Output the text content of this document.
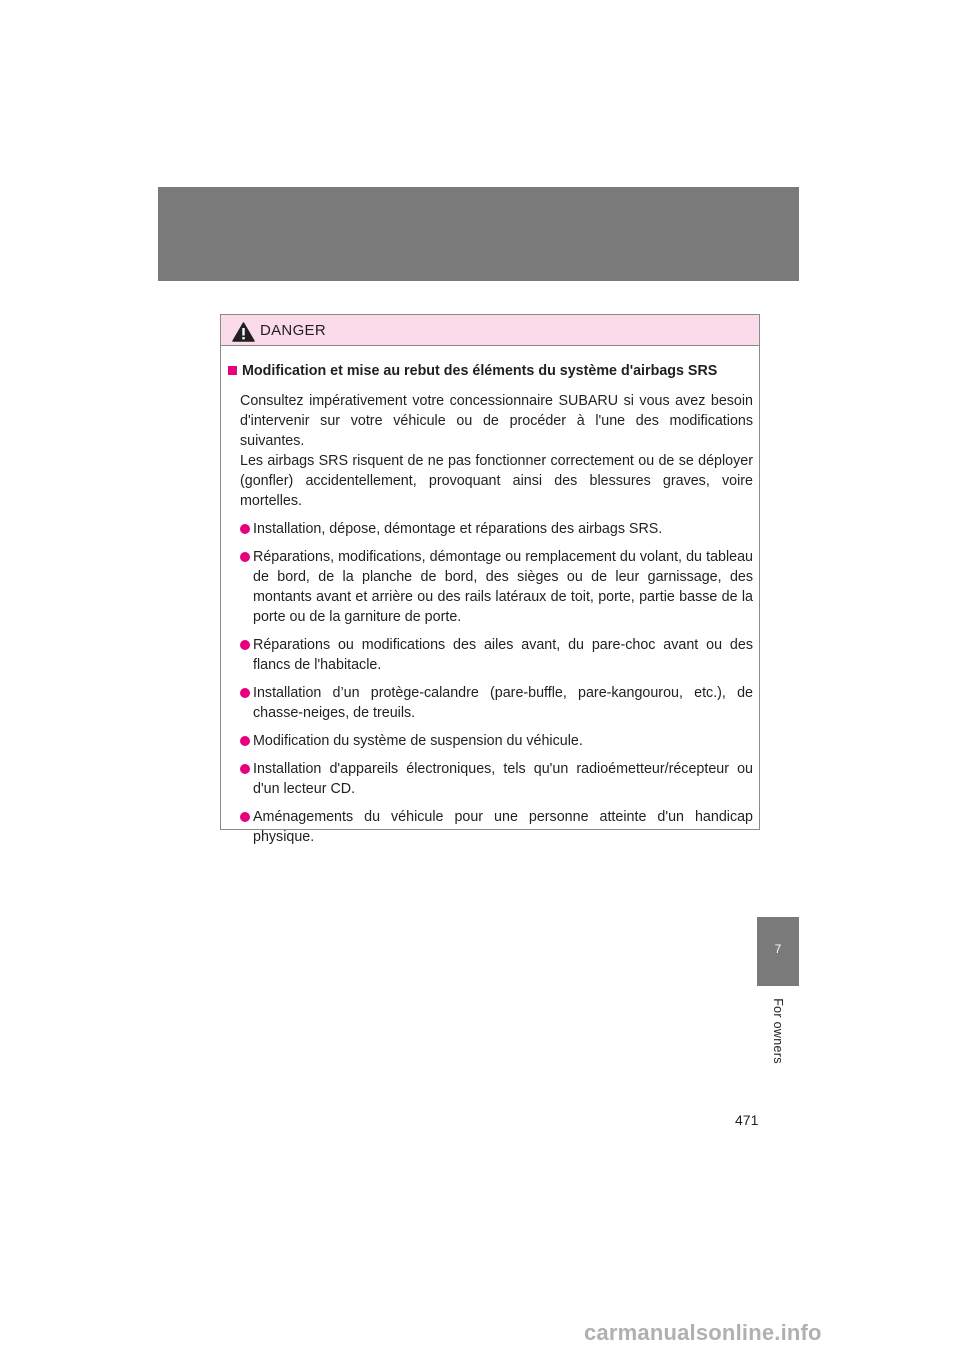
DANGER
Modification et mise au rebut des éléments du système d'airbags SRS

Consultez impérativement votre concessionnaire SUBARU si vous avez besoin d'intervenir sur votre véhicule ou de procéder à l'une des modifications suivantes.

Les airbags SRS risquent de ne pas fonctionner correctement ou de se déployer (gonfler) accidentellement, provoquant ainsi des blessures graves, voire mortelles.

Installation, dépose, démontage et réparations des airbags SRS.
Réparations, modifications, démontage ou remplacement du volant, du tableau de bord, de la planche de bord, des sièges ou de leur garnissage, des montants avant et arrière ou des rails latéraux de toit, porte, partie basse de la porte ou de la garniture de porte.
Réparations ou modifications des ailes avant, du pare-choc avant ou des flancs de l'habitacle.
Installation d’un protège-calandre (pare-buffle, pare-kangourou, etc.), de chasse-neiges, de treuils.
Modification du système de suspension du véhicule.
Installation d'appareils électroniques, tels qu'un radioémetteur/récepteur ou d'un lecteur CD.
Aménagements du véhicule pour une personne atteinte d'un handicap physique.
7
For owners
471
carmanualsonline.info
